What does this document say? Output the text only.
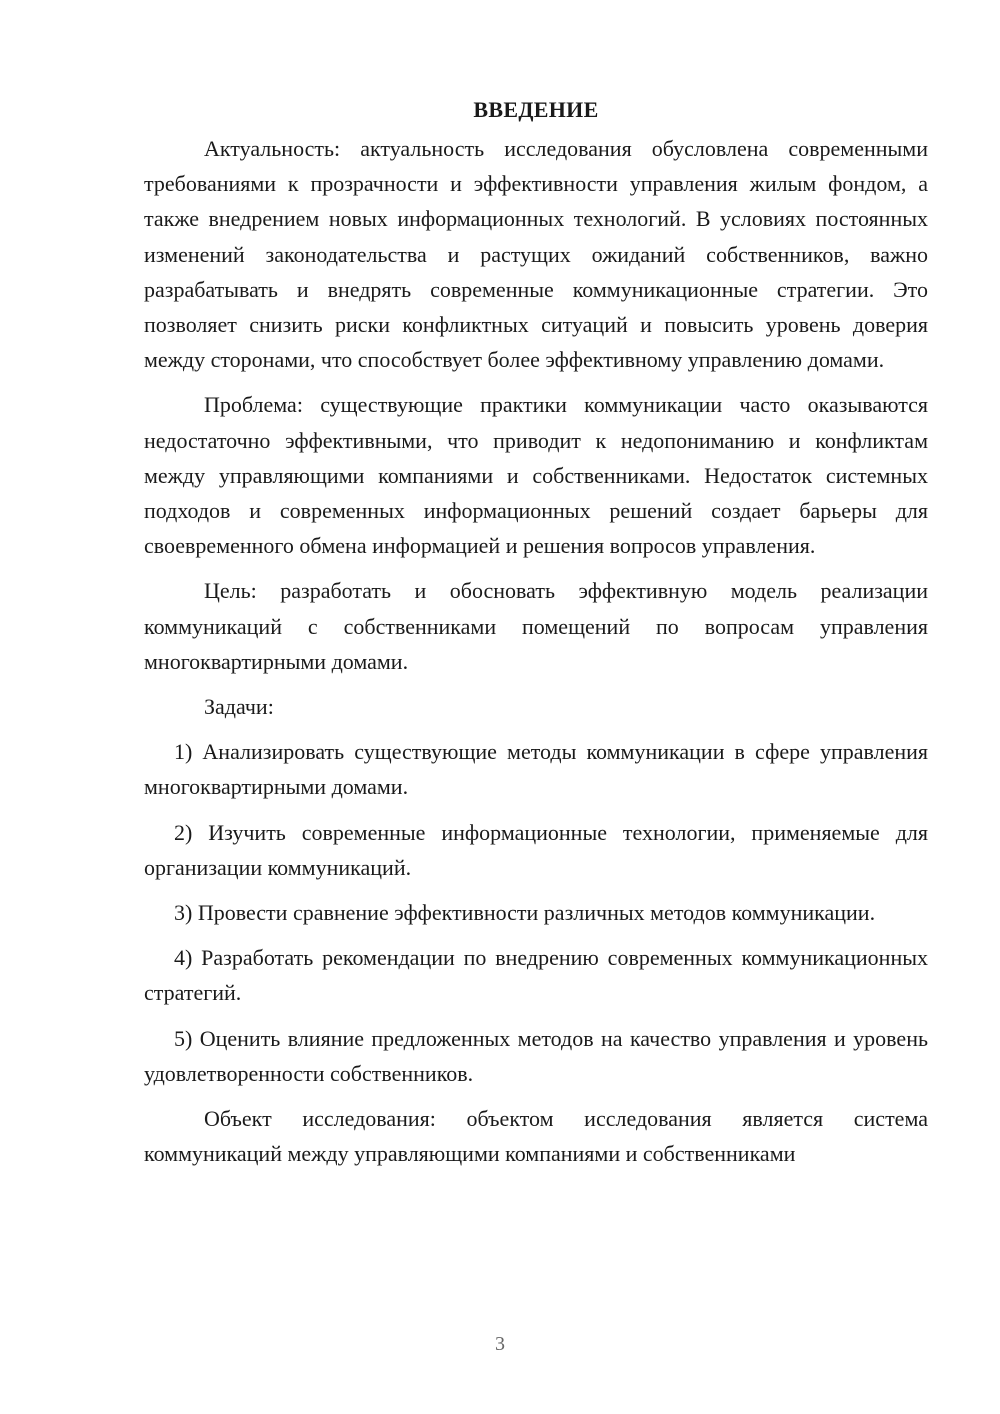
ВВЕДЕНИЕ

Актуальность: актуальность исследования обусловлена современными требованиями к прозрачности и эффективности управления жилым фондом, а также внедрением новых информационных технологий. В условиях постоянных изменений законодательства и растущих ожиданий собственников, важно разрабатывать и внедрять современные коммуникационные стратегии. Это позволяет снизить риски конфликтных ситуаций и повысить уровень доверия между сторонами, что способствует более эффективному управлению домами.

Проблема: существующие практики коммуникации часто оказываются недостаточно эффективными, что приводит к недопониманию и конфликтам между управляющими компаниями и собственниками. Недостаток системных подходов и современных информационных решений создает барьеры для своевременного обмена информацией и решения вопросов управления.

Цель: разработать и обосновать эффективную модель реализации коммуникаций с собственниками помещений по вопросам управления многоквартирными домами.

Задачи:

1) Анализировать существующие методы коммуникации в сфере управления многоквартирными домами.

2) Изучить современные информационные технологии, применяемые для организации коммуникаций.

3) Провести сравнение эффективности различных методов коммуникации.

4) Разработать рекомендации по внедрению современных коммуникационных стратегий.

5) Оценить влияние предложенных методов на качество управления и уровень удовлетворенности собственников.

Объект исследования: объектом исследования является система коммуникаций между управляющими компаниями и собственниками

3
